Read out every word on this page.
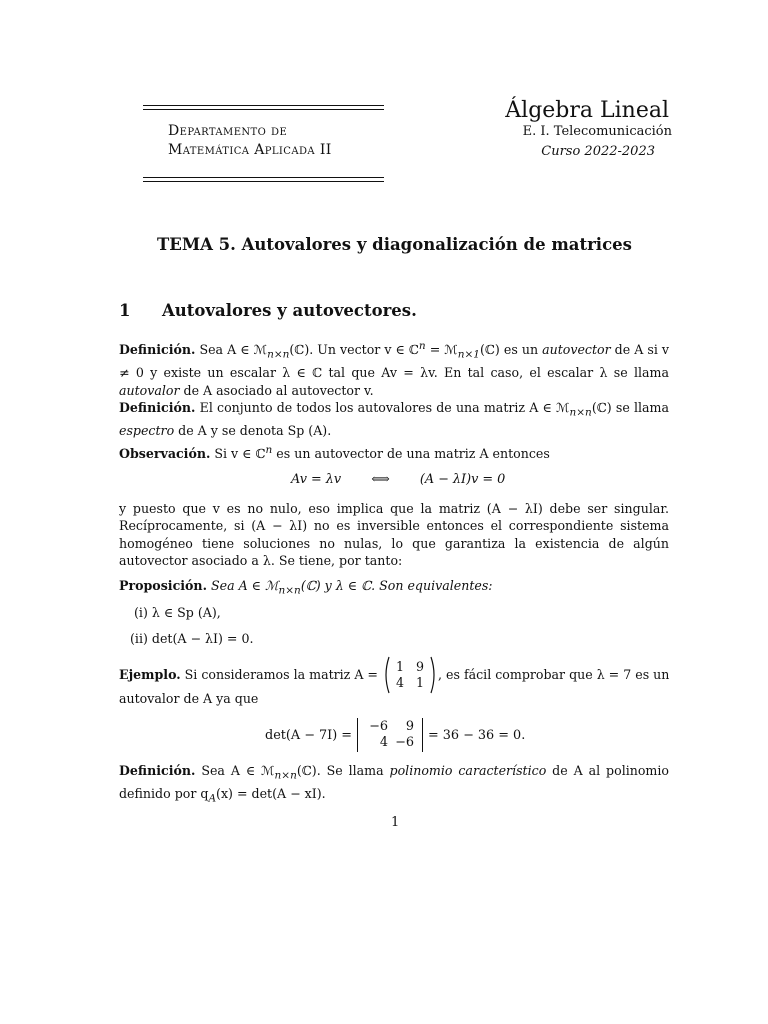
Departamento de
Matemática Aplicada II
Álgebra Lineal
E. I. Telecomunicación
Curso 2022-2023
TEMA 5. Autovalores y diagonalización de matrices
1 Autovalores y autovectores.
Definición. Sea A ∈ ℳ$_{n\times n}$(ℂ). Un vector v ∈ ℂ$^n$ = ℳ$_{n\times 1}$(ℂ) es un autovector de A si v ≠ 0 y existe un escalar λ ∈ ℂ tal que Av = λv. En tal caso, el escalar λ se llama autovalor de A asociado al autovector v.
Definición. El conjunto de todos los autovalores de una matriz A ∈ ℳ$_{n\times n}$(ℂ) se llama espectro de A y se denota Sp (A).
Observación. Si v ∈ ℂ$^n$ es un autovector de una matriz A entonces
Av = λv ⟺ (A − λI)v = 0
y puesto que v es no nulo, eso implica que la matriz (A − λI) debe ser singular. Recíprocamente, si (A − λI) no es inversible entonces el correspondiente sistema homogéneo tiene soluciones no nulas, lo que garantiza la existencia de algún autovector asociado a λ. Se tiene, por tanto:
Proposición. Sea A ∈ ℳ$_{n\times n}$(ℂ) y λ ∈ ℂ. Son equivalentes:
(i) λ ∈ Sp (A),
(ii) det(A − λI) = 0.
Ejemplo. Si consideramos la matriz A =
1 9
4 1
, es fácil comprobar que λ = 7 es un
autovalor de A ya que
det(A − 7I) =
−6 9
4 −6	= 36 − 36 = 0.
Definición. Sea A ∈ ℳ$_{n\times n}$(ℂ). Se llama polinomio característico de A al polinomio definido por $q_A(x) = \det(A - xI)$.
1
